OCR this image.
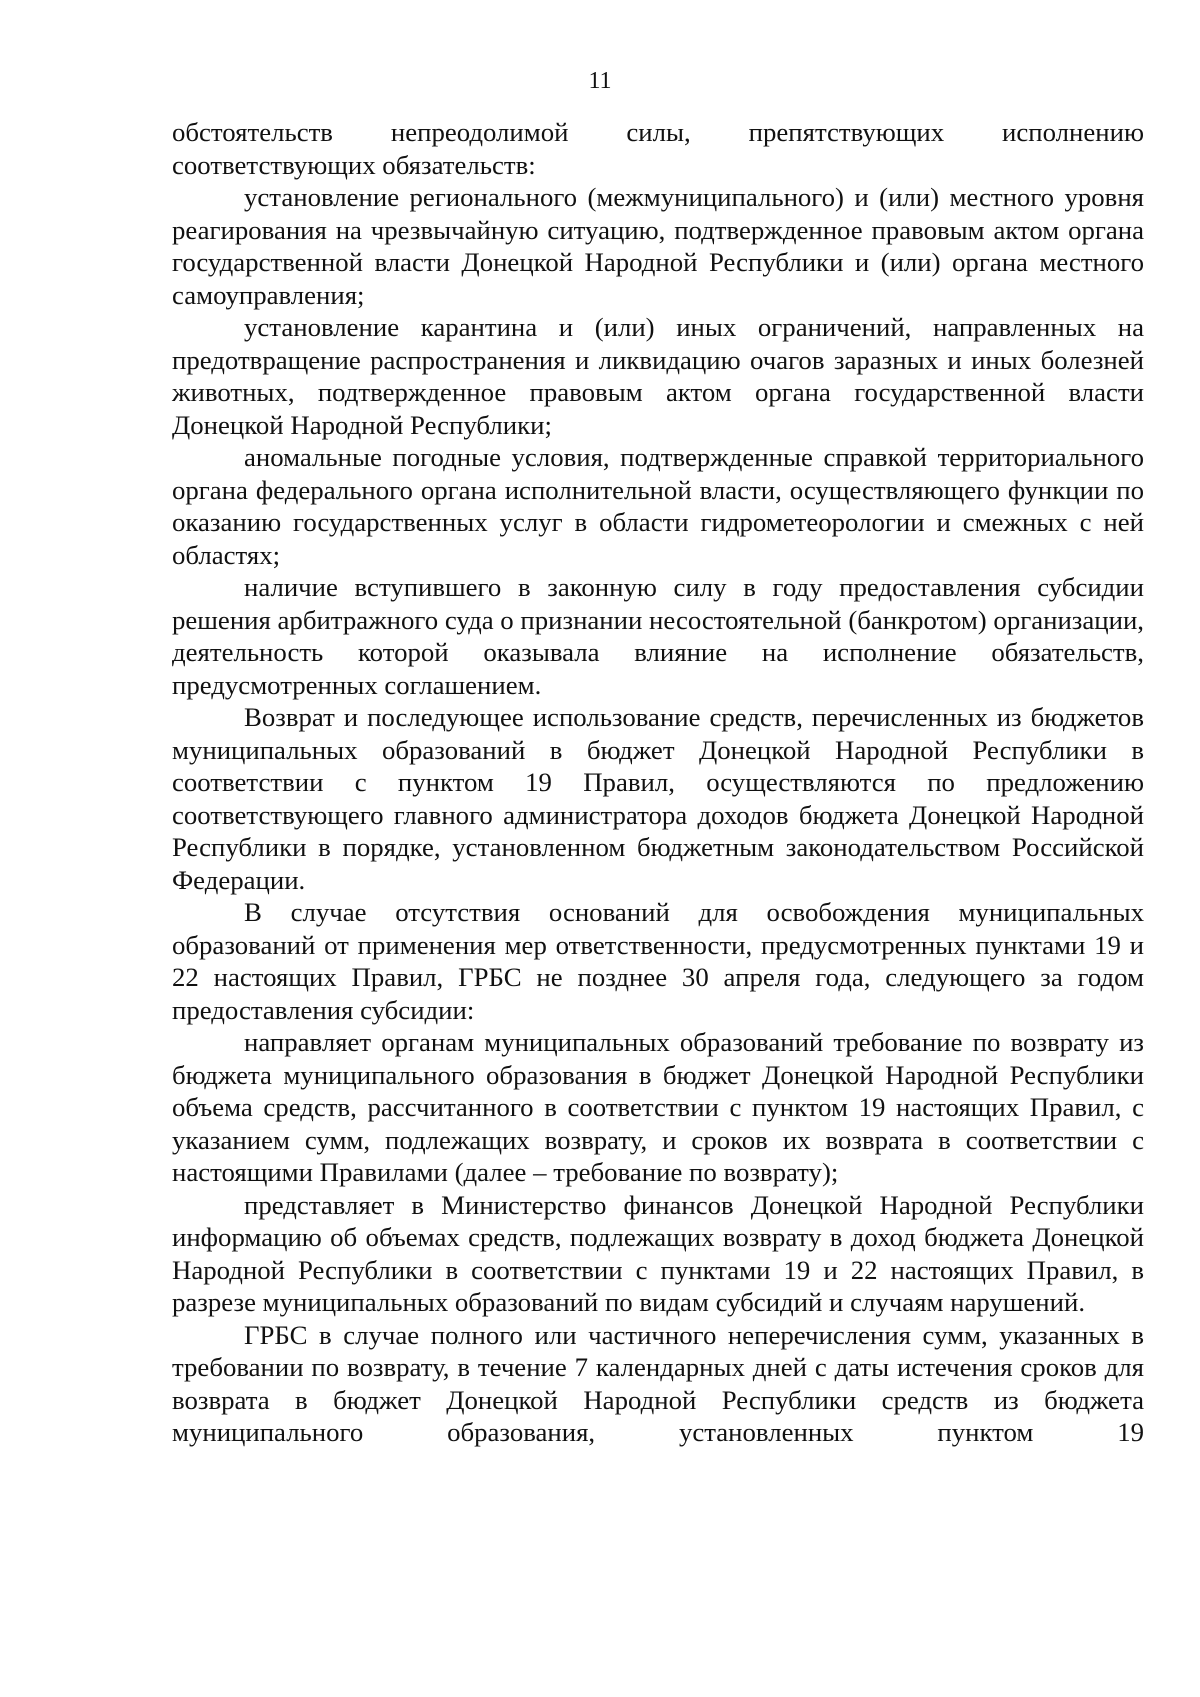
11

обстоятельств непреодолимой силы, препятствующих исполнению соответствующих обязательств:

установление регионального (межмуниципального) и (или) местного уровня реагирования на чрезвычайную ситуацию, подтвержденное правовым актом органа государственной власти Донецкой Народной Республики и (или) органа местного самоуправления;

установление карантина и (или) иных ограничений, направленных на предотвращение распространения и ликвидацию очагов заразных и иных болезней животных, подтвержденное правовым актом органа государственной власти Донецкой Народной Республики;

аномальные погодные условия, подтвержденные справкой территориального органа федерального органа исполнительной власти, осуществляющего функции по оказанию государственных услуг в области гидрометеорологии и смежных с ней областях;

наличие вступившего в законную силу в году предоставления субсидии решения арбитражного суда о признании несостоятельной (банкротом) организации, деятельность которой оказывала влияние на исполнение обязательств, предусмотренных соглашением.

Возврат и последующее использование средств, перечисленных из бюджетов муниципальных образований в бюджет Донецкой Народной Республики в соответствии с пунктом 19 Правил, осуществляются по предложению соответствующего главного администратора доходов бюджета Донецкой Народной Республики в порядке, установленном бюджетным законодательством Российской Федерации.

В случае отсутствия оснований для освобождения муниципальных образований от применения мер ответственности, предусмотренных пунктами 19 и 22 настоящих Правил, ГРБС не позднее 30 апреля года, следующего за годом предоставления субсидии:

направляет органам муниципальных образований требование по возврату из бюджета муниципального образования в бюджет Донецкой Народной Республики объема средств, рассчитанного в соответствии с пунктом 19 настоящих Правил, с указанием сумм, подлежащих возврату, и сроков их возврата в соответствии с настоящими Правилами (далее – требование по возврату);

представляет в Министерство финансов Донецкой Народной Республики информацию об объемах средств, подлежащих возврату в доход бюджета Донецкой Народной Республики в соответствии с пунктами 19 и 22 настоящих Правил, в разрезе муниципальных образований по видам субсидий и случаям нарушений.

ГРБС в случае полного или частичного неперечисления сумм, указанных в требовании по возврату, в течение 7 календарных дней с даты истечения сроков для возврата в бюджет Донецкой Народной Республики средств из бюджета муниципального образования, установленных пунктом 19
